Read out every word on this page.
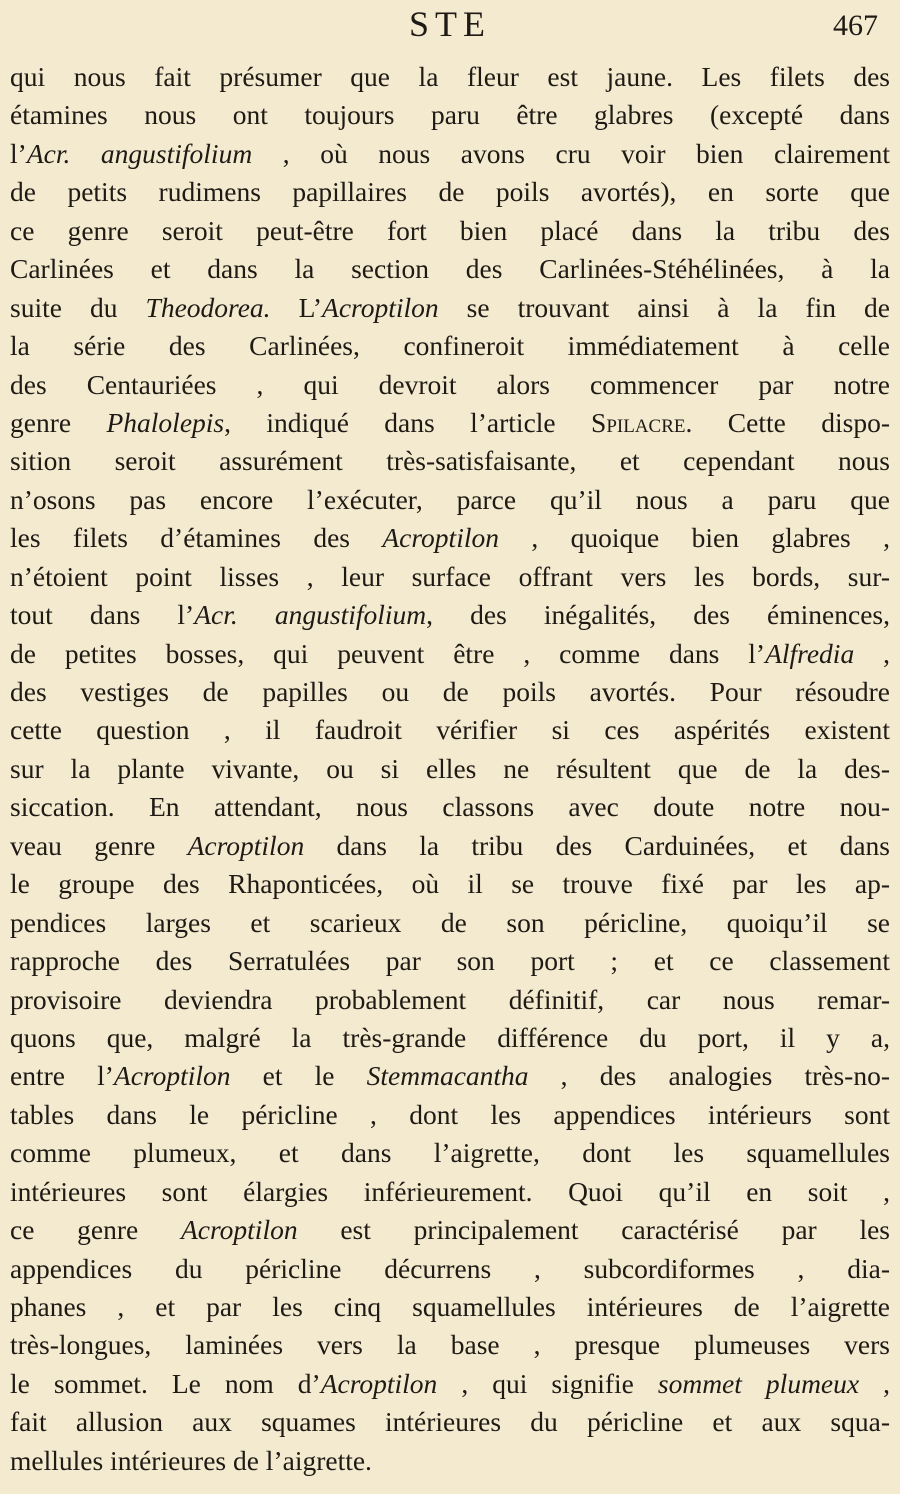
STE	467
qui nous fait présumer que la fleur est jaune. Les filets des
étamines nous ont toujours paru être glabres (excepté dans
l’Acr. angustifolium , où nous avons cru voir bien clairement
de petits rudimens papillaires de poils avortés), en sorte que
ce genre seroit peut-être fort bien placé dans la tribu des
Carlinées et dans la section des Carlinées-Stéhélinées, à la
suite du Theodorea. L’Acroptilon se trouvant ainsi à la fin de
la série des Carlinées, confineroit immédiatement à celle
des Centauriées , qui devroit alors commencer par notre
genre Phalolepis, indiqué dans l’article Spilacre. Cette dispo-
sition seroit assurément très-satisfaisante, et cependant nous
n’osons pas encore l’exécuter, parce qu’il nous a paru que
les filets d’étamines des Acroptilon , quoique bien glabres ,
n’étoient point lisses , leur surface offrant vers les bords, sur-
tout dans l’Acr. angustifolium, des inégalités, des éminences,
de petites bosses, qui peuvent être , comme dans l’Alfredia ,
des vestiges de papilles ou de poils avortés. Pour résoudre
cette question , il faudroit vérifier si ces aspérités existent
sur la plante vivante, ou si elles ne résultent que de la des-
siccation. En attendant, nous classons avec doute notre nou-
veau genre Acroptilon dans la tribu des Carduinées, et dans
le groupe des Rhaponticées, où il se trouve fixé par les ap-
pendices larges et scarieux de son péricline, quoiqu’il se
rapproche des Serratulées par son port ; et ce classement
provisoire deviendra probablement définitif, car nous remar-
quons que, malgré la très-grande différence du port, il y a,
entre l’Acroptilon et le Stemmacantha , des analogies très-no-
tables dans le péricline , dont les appendices intérieurs sont
comme plumeux, et dans l’aigrette, dont les squamellules
intérieures sont élargies inférieurement. Quoi qu’il en soit ,
ce genre Acroptilon est principalement caractérisé par les
appendices du péricline décurrens , subcordiformes , dia-
phanes , et par les cinq squamellules intérieures de l’aigrette
très-longues, laminées vers la base , presque plumeuses vers
le sommet. Le nom d’Acroptilon , qui signifie sommet plumeux ,
fait allusion aux squames intérieures du péricline et aux squa-
mellules intérieures de l’aigrette.
